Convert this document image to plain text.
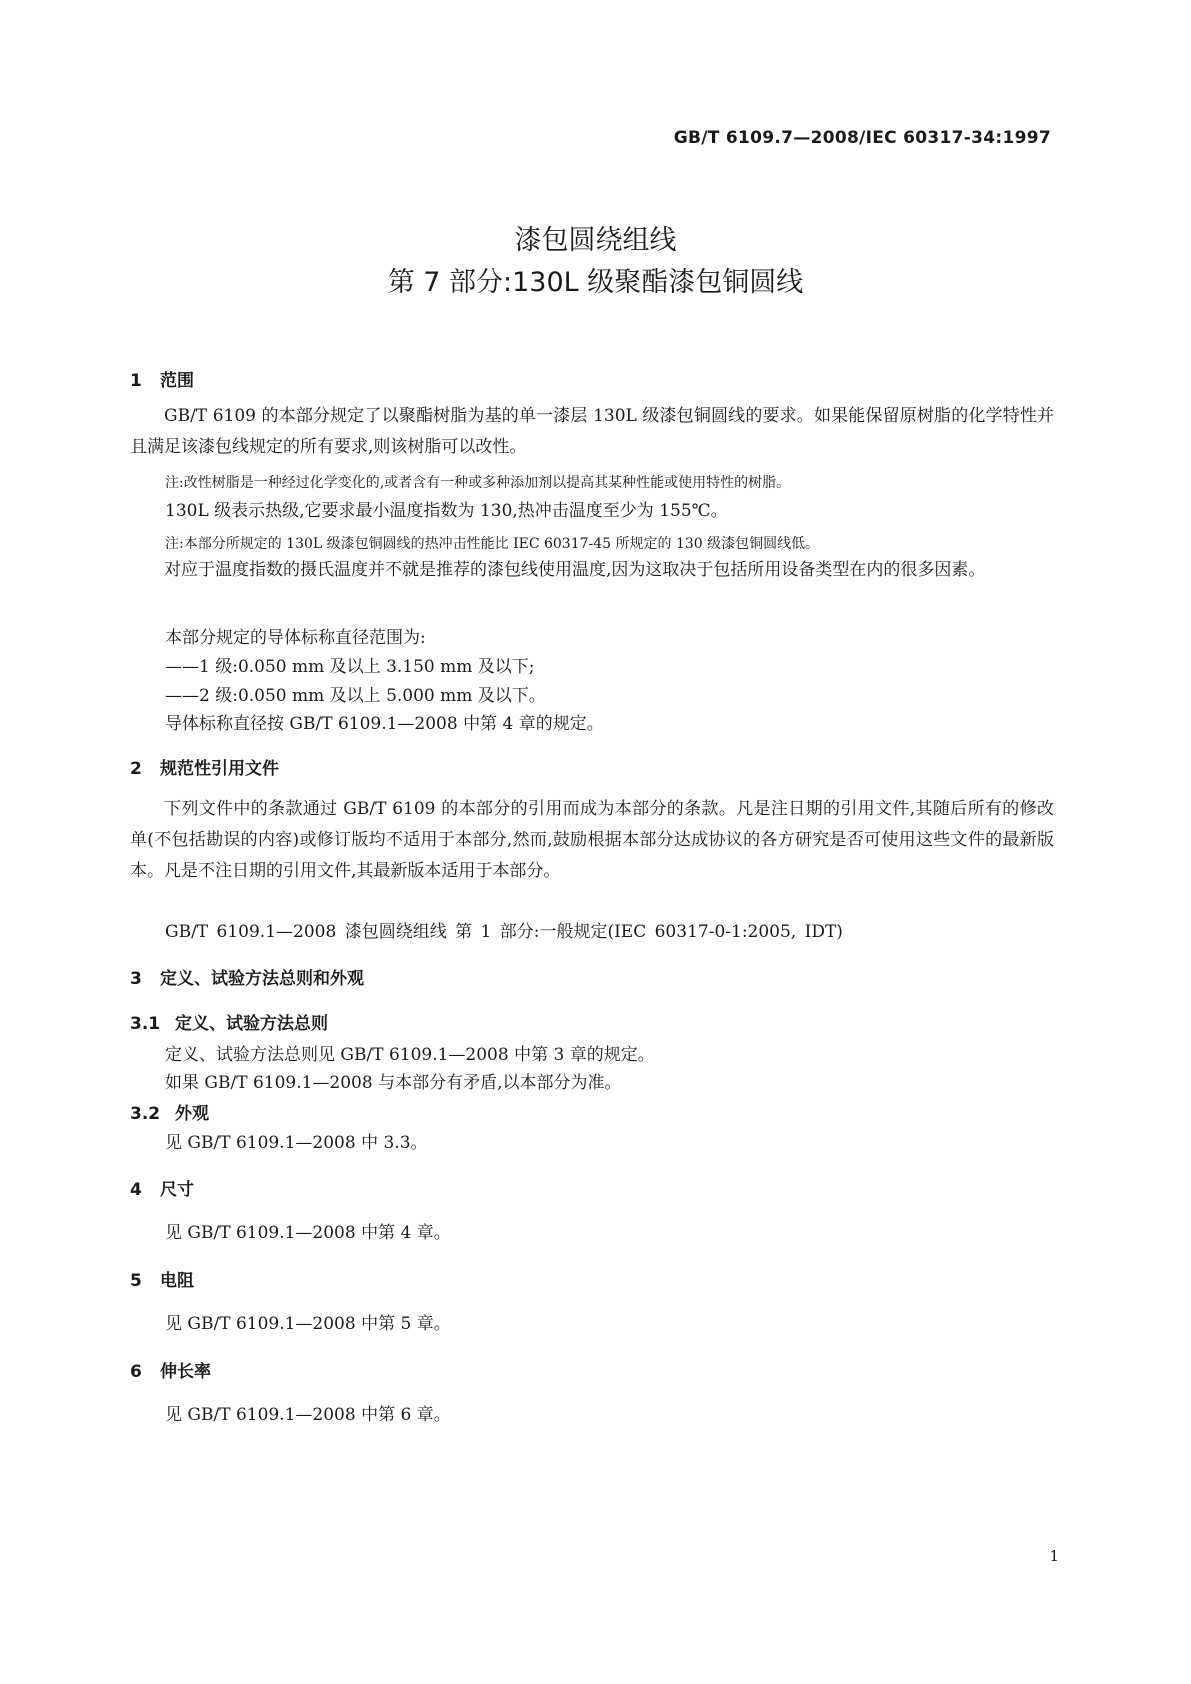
GB/T 6109.7—2008/IEC 60317-34:1997
漆包圆绕组线
第 7 部分:130L 级聚酯漆包铜圆线
1 范围
GB/T 6109 的本部分规定了以聚酯树脂为基的单一漆层 130L 级漆包铜圆线的要求。如果能保留原树脂的化学特性并且满足该漆包线规定的所有要求,则该树脂可以改性。
注:改性树脂是一种经过化学变化的,或者含有一种或多种添加剂以提高其某种性能或使用特性的树脂。
130L 级表示热级,它要求最小温度指数为 130,热冲击温度至少为 155℃。
注:本部分所规定的 130L 级漆包铜圆线的热冲击性能比 IEC 60317-45 所规定的 130 级漆包铜圆线低。
对应于温度指数的摄氏温度并不就是推荐的漆包线使用温度,因为这取决于包括所用设备类型在内的很多因素。
本部分规定的导体标称直径范围为:
——1 级:0.050 mm 及以上 3.150 mm 及以下;
——2 级:0.050 mm 及以上 5.000 mm 及以下。
导体标称直径按 GB/T 6109.1—2008 中第 4 章的规定。
2 规范性引用文件
下列文件中的条款通过 GB/T 6109 的本部分的引用而成为本部分的条款。凡是注日期的引用文件,其随后所有的修改单(不包括勘误的内容)或修订版均不适用于本部分,然而,鼓励根据本部分达成协议的各方研究是否可使用这些文件的最新版本。凡是不注日期的引用文件,其最新版本适用于本部分。
GB/T 6109.1—2008 漆包圆绕组线 第 1 部分:一般规定(IEC 60317-0-1:2005, IDT)
3 定义、试验方法总则和外观
3.1 定义、试验方法总则
定义、试验方法总则见 GB/T 6109.1—2008 中第 3 章的规定。
如果 GB/T 6109.1—2008 与本部分有矛盾,以本部分为准。
3.2 外观
见 GB/T 6109.1—2008 中 3.3。
4 尺寸
见 GB/T 6109.1—2008 中第 4 章。
5 电阻
见 GB/T 6109.1—2008 中第 5 章。
6 伸长率
见 GB/T 6109.1—2008 中第 6 章。
1
